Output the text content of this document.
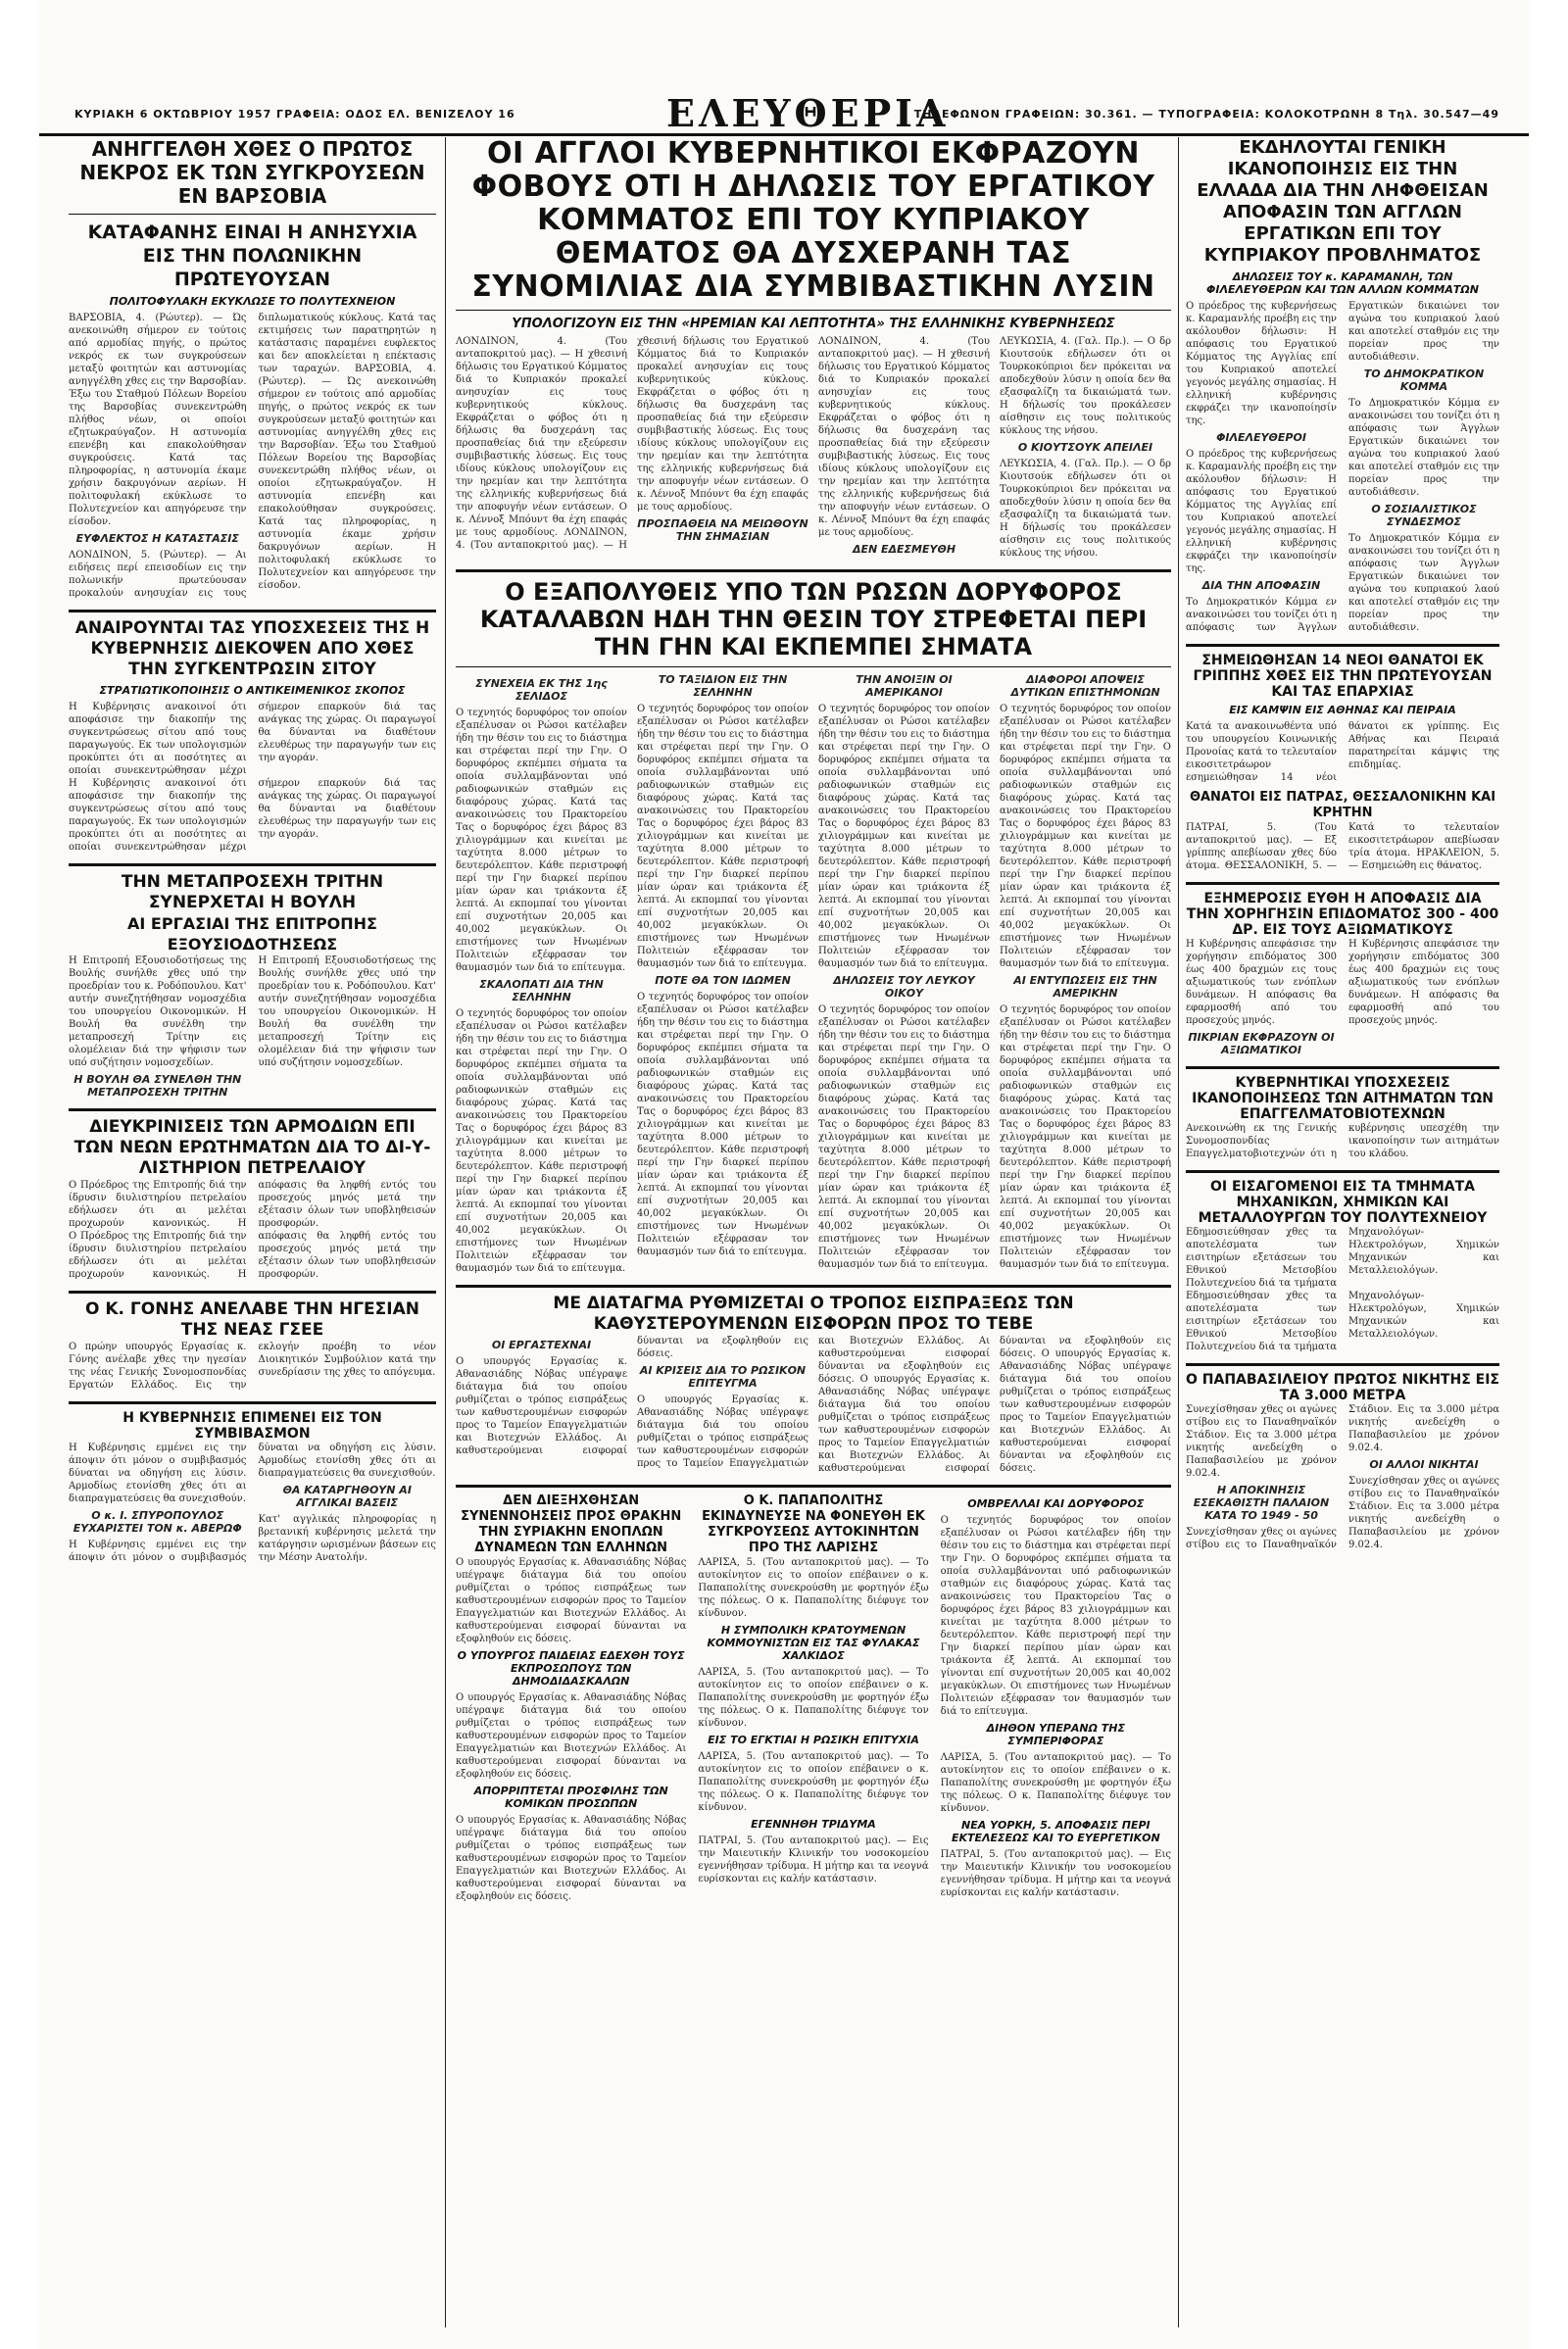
ΚΥΡΙΑΚΗ 6 ΟΚΤΩΒΡΙΟΥ 1957 ΓΡΑΦΕΙΑ: ΟΔΟΣ ΕΛ. ΒΕΝΙΖΕΛΟΥ 16	ΕΛΕΥΘΕΡΙΑ
ΤΗΛΕΦΩΝΟΝ ΓΡΑΦΕΙΩΝ: 30.361. — ΤΥΠΟΓΡΑΦΕΙΑ: ΚΟΛΟΚΟΤΡΩΝΗ 8 Τηλ. 30.547—49
ΑΝΗΓΓΕΛΘΗ ΧΘΕΣ Ο ΠΡΩΤΟΣ ΝΕΚΡΟΣ ΕΚ ΤΩΝ ΣΥΓΚΡΟΥΣΕΩΝ ΕΝ ΒΑΡΣΟΒΙΑ
ΚΑΤΑΦΑΝΗΣ ΕΙΝΑΙ Η ΑΝΗΣΥΧΙΑ ΕΙΣ ΤΗΝ ΠΟΛΩΝΙΚΗΝ ΠΡΩΤΕΥΟΥΣΑΝ
ΠΟΛΙΤΟΦΥΛΑΚΗ ΕΚΥΚΛΩΣΕ ΤΟ ΠΟΛΥΤΕΧΝΕΙΟΝ
ΒΑΡΣΟΒΙΑ, 4. (Ρώυτερ). — Ώς ανεκοινώθη σήμερον εν τούτοις από αρμοδίας πηγής, ο πρώτος νεκρός εκ των συγκρούσεων μεταξύ φοιτητών και αστυνομίας ανηγγέλθη χθες εις την Βαρσοβίαν. Έξω του Σταθμού Πόλεων Βορείου της Βαρσοβίας συνεκεντρώθη πλήθος νέων, οι οποίοι εζητωκραύγαζον. Η αστυνομία επενέβη και επακολούθησαν συγκρούσεις. Κατά τας πληροφορίας, η αστυνομία έκαμε χρήσιν δακρυγόνων αερίων. Η πολιτοφυλακή εκύκλωσε το Πολυτεχνείον και απηγόρευσε την είσοδον.
ΕΥΦΛΕΚΤΟΣ Η ΚΑΤΑΣΤΑΣΙΣ
ΛΟΝΔΙΝΟΝ, 5. (Ρώυτερ). — Αι ειδήσεις περί επεισοδίων εις την πολωνικήν πρωτεύουσαν προκαλούν ανησυχίαν εις τους διπλωματικούς κύκλους. Κατά τας εκτιμήσεις των παρατηρητών η κατάστασις παραμένει ευφλεκτος και δεν αποκλείεται η επέκτασις των ταραχών. ΒΑΡΣΟΒΙΑ, 4. (Ρώυτερ). — Ώς ανεκοινώθη σήμερον εν τούτοις από αρμοδίας πηγής, ο πρώτος νεκρός εκ των συγκρούσεων μεταξύ φοιτητών και αστυνομίας ανηγγέλθη χθες εις την Βαρσοβίαν. Έξω του Σταθμού Πόλεων Βορείου της Βαρσοβίας συνεκεντρώθη πλήθος νέων, οι οποίοι εζητωκραύγαζον. Η αστυνομία επενέβη και επακολούθησαν συγκρούσεις. Κατά τας πληροφορίας, η αστυνομία έκαμε χρήσιν δακρυγόνων αερίων. Η πολιτοφυλακή εκύκλωσε το Πολυτεχνείον και απηγόρευσε την είσοδον.
ΑΝΑΙΡΟΥΝΤΑΙ ΤΑΣ ΥΠΟΣΧΕΣΕΙΣ ΤΗΣ Η ΚΥΒΕΡΝΗΣΙΣ ΔΙΕΚΟΨΕΝ ΑΠΟ ΧΘΕΣ ΤΗΝ ΣΥΓΚΕΝΤΡΩΣΙΝ ΣΙΤΟΥ
ΣΤΡΑΤΙΩΤΙΚΟΠΟΙΗΣΙΣ Ο ΑΝΤΙΚΕΙΜΕΝΙΚΟΣ ΣΚΟΠΟΣ
Η Κυβέρνησις ανακοινοί ότι αποφάσισε την διακοπήν της συγκεντρώσεως σίτου από τους παραγωγούς. Εκ των υπολογισμών προκύπτει ότι αι ποσότητες αι οποίαι συνεκεντρώθησαν μέχρι σήμερον επαρκούν διά τας ανάγκας της χώρας. Οι παραγωγοί θα δύνανται να διαθέτουν ελευθέρως την παραγωγήν των εις την αγοράν.
Η Κυβέρνησις ανακοινοί ότι αποφάσισε την διακοπήν της συγκεντρώσεως σίτου από τους παραγωγούς. Εκ των υπολογισμών προκύπτει ότι αι ποσότητες αι οποίαι συνεκεντρώθησαν μέχρι σήμερον επαρκούν διά τας ανάγκας της χώρας. Οι παραγωγοί θα δύνανται να διαθέτουν ελευθέρως την παραγωγήν των εις την αγοράν.
ΤΗΝ ΜΕΤΑΠΡΟΣΕΧΗ ΤΡΙΤΗΝ ΣΥΝΕΡΧΕΤΑΙ Η ΒΟΥΛΗ
ΑΙ ΕΡΓΑΣΙΑΙ ΤΗΣ ΕΠΙΤΡΟΠΗΣ ΕΞΟΥΣΙΟΔΟΤΗΣΕΩΣ
Η Επιτροπή Εξουσιοδοτήσεως της Βουλής συνήλθε χθες υπό την προεδρίαν του κ. Ροδόπουλου. Κατ' αυτήν συνεζητήθησαν νομοσχέδια του υπουργείου Οικονομικών. Η Βουλή θα συνέλθη την μεταπροσεχή Τρίτην εις ολομέλειαν διά την ψήφισιν των υπό συζήτησιν νομοσχεδίων.
Η ΒΟΥΛΗ ΘΑ ΣΥΝΕΛΘΗ ΤΗΝ ΜΕΤΑΠΡΟΣΕΧΗ ΤΡΙΤΗΝ
Η Επιτροπή Εξουσιοδοτήσεως της Βουλής συνήλθε χθες υπό την προεδρίαν του κ. Ροδόπουλου. Κατ' αυτήν συνεζητήθησαν νομοσχέδια του υπουργείου Οικονομικών. Η Βουλή θα συνέλθη την μεταπροσεχή Τρίτην εις ολομέλειαν διά την ψήφισιν των υπό συζήτησιν νομοσχεδίων.
ΔΙΕΥΚΡΙΝΙΣΕΙΣ ΤΩΝ ΑΡΜΟΔΙΩΝ ΕΠΙ ΤΩΝ ΝΕΩΝ ΕΡΩΤΗΜΑΤΩΝ ΔΙΑ ΤΟ ΔΙ-Υ-ΛΙΣΤΗΡΙΟΝ ΠΕΤΡΕΛΑΙΟΥ
Ο Πρόεδρος της Επιτροπής διά την ίδρυσιν διυλιστηρίου πετρελαίου εδήλωσεν ότι αι μελέται προχωρούν κανονικώς. Η απόφασις θα ληφθή εντός του προσεχούς μηνός μετά την εξέτασιν όλων των υποβληθεισών προσφορών.
Ο Πρόεδρος της Επιτροπής διά την ίδρυσιν διυλιστηρίου πετρελαίου εδήλωσεν ότι αι μελέται προχωρούν κανονικώς. Η απόφασις θα ληφθή εντός του προσεχούς μηνός μετά την εξέτασιν όλων των υποβληθεισών προσφορών.
Ο Κ. ΓΟΝΗΣ ΑΝΕΛΑΒΕ ΤΗΝ ΗΓΕΣΙΑΝ ΤΗΣ ΝΕΑΣ ΓΣΕΕ
Ο πρώην υπουργός Εργασίας κ. Γόνης ανέλαβε χθες την ηγεσίαν της νέας Γενικής Συνομοσπονδίας Εργατών Ελλάδος. Εις την εκλογήν προέβη το νέον Διοικητικόν Συμβούλιον κατά την συνεδρίασιν της χθες το απόγευμα.
Η ΚΥΒΕΡΝΗΣΙΣ ΕΠΙΜΕΝΕΙ ΕΙΣ ΤΟΝ ΣΥΜΒΙΒΑΣΜΟΝ
Η Κυβέρνησις εμμένει εις την άποψιν ότι μόνον ο συμβιβασμός δύναται να οδηγήση εις λύσιν. Αρμοδίως ετονίσθη χθες ότι αι διαπραγματεύσεις θα συνεχισθούν.
Ο κ. Ι. ΣΠΥΡΟΠΟΥΛΟΣ ΕΥΧΑΡΙΣΤΕΙ ΤΟΝ κ. ΑΒΕΡΩΦ
Η Κυβέρνησις εμμένει εις την άποψιν ότι μόνον ο συμβιβασμός δύναται να οδηγήση εις λύσιν. Αρμοδίως ετονίσθη χθες ότι αι διαπραγματεύσεις θα συνεχισθούν.
ΘΑ ΚΑΤΑΡΓΗΘΟΥΝ ΑΙ ΑΓΓΛΙΚΑΙ ΒΑΣΕΙΣ
Κατ' αγγλικάς πληροφορίας η βρετανική κυβέρνησις μελετά την κατάργησιν ωρισμένων βάσεων εις την Μέσην Ανατολήν.
ΟΙ ΑΓΓΛΟΙ ΚΥΒΕΡΝΗΤΙΚΟΙ ΕΚΦΡΑΖΟΥΝ ΦΟΒΟΥΣ ΟΤΙ Η ΔΗΛΩΣΙΣ ΤΟΥ ΕΡΓΑΤΙΚΟΥ ΚΟΜΜΑΤΟΣ ΕΠΙ ΤΟΥ ΚΥΠΡΙΑΚΟΥ ΘΕΜΑΤΟΣ ΘΑ ΔΥΣΧΕΡΑΝΗ ΤΑΣ ΣΥΝΟΜΙΛΙΑΣ ΔΙΑ ΣΥΜΒΙΒΑΣΤΙΚΗΝ ΛΥΣΙΝ
ΥΠΟΛΟΓΙΖΟΥΝ ΕΙΣ ΤΗΝ «ΗΡΕΜΙΑΝ ΚΑΙ ΛΕΠΤΟΤΗΤΑ» ΤΗΣ ΕΛΛΗΝΙΚΗΣ ΚΥΒΕΡΝΗΣΕΩΣ
ΛΟΝΔΙΝΟΝ, 4. (Του ανταποκριτού μας). — Η χθεσινή δήλωσις του Εργατικού Κόμματος διά το Κυπριακόν προκαλεί ανησυχίαν εις τους κυβερνητικούς κύκλους. Εκφράζεται ο φόβος ότι η δήλωσις θα δυσχεράνη τας προσπαθείας διά την εξεύρεσιν συμβιβαστικής λύσεως. Εις τους ιδίους κύκλους υπολογίζουν εις την ηρεμίαν και την λεπτότητα της ελληνικής κυβερνήσεως διά την αποφυγήν νέων εντάσεων. Ο κ. Λέννοξ Μπόυντ θα έχη επαφάς με τους αρμοδίους. ΛΟΝΔΙΝΟΝ, 4. (Του ανταποκριτού μας). — Η χθεσινή δήλωσις του Εργατικού Κόμματος διά το Κυπριακόν προκαλεί ανησυχίαν εις τους κυβερνητικούς κύκλους. Εκφράζεται ο φόβος ότι η δήλωσις θα δυσχεράνη τας προσπαθείας διά την εξεύρεσιν συμβιβαστικής λύσεως. Εις τους ιδίους κύκλους υπολογίζουν εις την ηρεμίαν και την λεπτότητα της ελληνικής κυβερνήσεως διά την αποφυγήν νέων εντάσεων. Ο κ. Λέννοξ Μπόυντ θα έχη επαφάς με τους αρμοδίους.
ΠΡΟΣΠΑΘΕΙΑ ΝΑ ΜΕΙΩΘΟΥΝ ΤΗΝ ΣΗΜΑΣΙΑΝ
ΛΟΝΔΙΝΟΝ, 4. (Του ανταποκριτού μας). — Η χθεσινή δήλωσις του Εργατικού Κόμματος διά το Κυπριακόν προκαλεί ανησυχίαν εις τους κυβερνητικούς κύκλους. Εκφράζεται ο φόβος ότι η δήλωσις θα δυσχεράνη τας προσπαθείας διά την εξεύρεσιν συμβιβαστικής λύσεως. Εις τους ιδίους κύκλους υπολογίζουν εις την ηρεμίαν και την λεπτότητα της ελληνικής κυβερνήσεως διά την αποφυγήν νέων εντάσεων. Ο κ. Λέννοξ Μπόυντ θα έχη επαφάς με τους αρμοδίους.
ΔΕΝ ΕΔΕΣΜΕΥΘΗ
ΛΕΥΚΩΣΙΑ, 4. (Γαλ. Πρ.). — Ο δρ Κιουτσούκ εδήλωσεν ότι οι Τουρκοκύπριοι δεν πρόκειται να αποδεχθούν λύσιν η οποία δεν θα εξασφαλίζη τα δικαιώματά των. Η δήλωσίς του προκάλεσεν αίσθησιν εις τους πολιτικούς κύκλους της νήσου.
Ο ΚΙΟΥΤΣΟΥΚ ΑΠΕΙΛΕΙ
ΛΕΥΚΩΣΙΑ, 4. (Γαλ. Πρ.). — Ο δρ Κιουτσούκ εδήλωσεν ότι οι Τουρκοκύπριοι δεν πρόκειται να αποδεχθούν λύσιν η οποία δεν θα εξασφαλίζη τα δικαιώματά των. Η δήλωσίς του προκάλεσεν αίσθησιν εις τους πολιτικούς κύκλους της νήσου.
Ο ΕΞΑΠΟΛΥΘΕΙΣ ΥΠΟ ΤΩΝ ΡΩΣΩΝ ΔΟΡΥΦΟΡΟΣ ΚΑΤΑΛΑΒΩΝ ΗΔΗ ΤΗΝ ΘΕΣΙΝ ΤΟΥ ΣΤΡΕΦΕΤΑΙ ΠΕΡΙ ΤΗΝ ΓΗΝ ΚΑΙ ΕΚΠΕΜΠΕΙ ΣΗΜΑΤΑ
ΣΥΝΕΧΕΙΑ ΕΚ ΤΗΣ 1ης ΣΕΛΙΔΟΣ
Ο τεχνητός δορυφόρος τον οποίον εξαπέλυσαν οι Ρώσοι κατέλαβεν ήδη την θέσιν του εις το διάστημα και στρέφεται περί την Γην. Ο δορυφόρος εκπέμπει σήματα τα οποία συλλαμβάνονται υπό ραδιοφωνικών σταθμών εις διαφόρους χώρας. Κατά τας ανακοινώσεις του Πρακτορείου Τας ο δορυφόρος έχει βάρος 83 χιλιογράμμων και κινείται με ταχύτητα 8.000 μέτρων το δευτερόλεπτον. Κάθε περιστροφή περί την Γην διαρκεί περίπου μίαν ώραν και τριάκοντα έξ λεπτά. Αι εκπομπαί του γίνονται επί συχνοτήτων 20,005 και 40,002 μεγακύκλων. Οι επιστήμονες των Ηνωμένων Πολιτειών εξέφρασαν τον θαυμασμόν των διά το επίτευγμα.
ΣΚΑΛΟΠΑΤΙ ΔΙΑ ΤΗΝ ΣΕΛΗΝΗΝ
Ο τεχνητός δορυφόρος τον οποίον εξαπέλυσαν οι Ρώσοι κατέλαβεν ήδη την θέσιν του εις το διάστημα και στρέφεται περί την Γην. Ο δορυφόρος εκπέμπει σήματα τα οποία συλλαμβάνονται υπό ραδιοφωνικών σταθμών εις διαφόρους χώρας. Κατά τας ανακοινώσεις του Πρακτορείου Τας ο δορυφόρος έχει βάρος 83 χιλιογράμμων και κινείται με ταχύτητα 8.000 μέτρων το δευτερόλεπτον. Κάθε περιστροφή περί την Γην διαρκεί περίπου μίαν ώραν και τριάκοντα έξ λεπτά. Αι εκπομπαί του γίνονται επί συχνοτήτων 20,005 και 40,002 μεγακύκλων. Οι επιστήμονες των Ηνωμένων Πολιτειών εξέφρασαν τον θαυμασμόν των διά το επίτευγμα.
ΤΟ ΤΑΞΙΔΙΟΝ ΕΙΣ ΤΗΝ ΣΕΛΗΝΗΝ
Ο τεχνητός δορυφόρος τον οποίον εξαπέλυσαν οι Ρώσοι κατέλαβεν ήδη την θέσιν του εις το διάστημα και στρέφεται περί την Γην. Ο δορυφόρος εκπέμπει σήματα τα οποία συλλαμβάνονται υπό ραδιοφωνικών σταθμών εις διαφόρους χώρας. Κατά τας ανακοινώσεις του Πρακτορείου Τας ο δορυφόρος έχει βάρος 83 χιλιογράμμων και κινείται με ταχύτητα 8.000 μέτρων το δευτερόλεπτον. Κάθε περιστροφή περί την Γην διαρκεί περίπου μίαν ώραν και τριάκοντα έξ λεπτά. Αι εκπομπαί του γίνονται επί συχνοτήτων 20,005 και 40,002 μεγακύκλων. Οι επιστήμονες των Ηνωμένων Πολιτειών εξέφρασαν τον θαυμασμόν των διά το επίτευγμα.
ΠΟΤΕ ΘΑ ΤΟΝ ΙΔΩΜΕΝ
Ο τεχνητός δορυφόρος τον οποίον εξαπέλυσαν οι Ρώσοι κατέλαβεν ήδη την θέσιν του εις το διάστημα και στρέφεται περί την Γην. Ο δορυφόρος εκπέμπει σήματα τα οποία συλλαμβάνονται υπό ραδιοφωνικών σταθμών εις διαφόρους χώρας. Κατά τας ανακοινώσεις του Πρακτορείου Τας ο δορυφόρος έχει βάρος 83 χιλιογράμμων και κινείται με ταχύτητα 8.000 μέτρων το δευτερόλεπτον. Κάθε περιστροφή περί την Γην διαρκεί περίπου μίαν ώραν και τριάκοντα έξ λεπτά. Αι εκπομπαί του γίνονται επί συχνοτήτων 20,005 και 40,002 μεγακύκλων. Οι επιστήμονες των Ηνωμένων Πολιτειών εξέφρασαν τον θαυμασμόν των διά το επίτευγμα.
ΤΗΝ ΑΝΟΙΞΙΝ ΟΙ ΑΜΕΡΙΚΑΝΟΙ
Ο τεχνητός δορυφόρος τον οποίον εξαπέλυσαν οι Ρώσοι κατέλαβεν ήδη την θέσιν του εις το διάστημα και στρέφεται περί την Γην. Ο δορυφόρος εκπέμπει σήματα τα οποία συλλαμβάνονται υπό ραδιοφωνικών σταθμών εις διαφόρους χώρας. Κατά τας ανακοινώσεις του Πρακτορείου Τας ο δορυφόρος έχει βάρος 83 χιλιογράμμων και κινείται με ταχύτητα 8.000 μέτρων το δευτερόλεπτον. Κάθε περιστροφή περί την Γην διαρκεί περίπου μίαν ώραν και τριάκοντα έξ λεπτά. Αι εκπομπαί του γίνονται επί συχνοτήτων 20,005 και 40,002 μεγακύκλων. Οι επιστήμονες των Ηνωμένων Πολιτειών εξέφρασαν τον θαυμασμόν των διά το επίτευγμα.
ΔΗΛΩΣΕΙΣ ΤΟΥ ΛΕΥΚΟΥ ΟΙΚΟΥ
Ο τεχνητός δορυφόρος τον οποίον εξαπέλυσαν οι Ρώσοι κατέλαβεν ήδη την θέσιν του εις το διάστημα και στρέφεται περί την Γην. Ο δορυφόρος εκπέμπει σήματα τα οποία συλλαμβάνονται υπό ραδιοφωνικών σταθμών εις διαφόρους χώρας. Κατά τας ανακοινώσεις του Πρακτορείου Τας ο δορυφόρος έχει βάρος 83 χιλιογράμμων και κινείται με ταχύτητα 8.000 μέτρων το δευτερόλεπτον. Κάθε περιστροφή περί την Γην διαρκεί περίπου μίαν ώραν και τριάκοντα έξ λεπτά. Αι εκπομπαί του γίνονται επί συχνοτήτων 20,005 και 40,002 μεγακύκλων. Οι επιστήμονες των Ηνωμένων Πολιτειών εξέφρασαν τον θαυμασμόν των διά το επίτευγμα.
ΔΙΑΦΟΡΟΙ ΑΠΟΨΕΙΣ ΔΥΤΙΚΩΝ ΕΠΙΣΤΗΜΟΝΩΝ
Ο τεχνητός δορυφόρος τον οποίον εξαπέλυσαν οι Ρώσοι κατέλαβεν ήδη την θέσιν του εις το διάστημα και στρέφεται περί την Γην. Ο δορυφόρος εκπέμπει σήματα τα οποία συλλαμβάνονται υπό ραδιοφωνικών σταθμών εις διαφόρους χώρας. Κατά τας ανακοινώσεις του Πρακτορείου Τας ο δορυφόρος έχει βάρος 83 χιλιογράμμων και κινείται με ταχύτητα 8.000 μέτρων το δευτερόλεπτον. Κάθε περιστροφή περί την Γην διαρκεί περίπου μίαν ώραν και τριάκοντα έξ λεπτά. Αι εκπομπαί του γίνονται επί συχνοτήτων 20,005 και 40,002 μεγακύκλων. Οι επιστήμονες των Ηνωμένων Πολιτειών εξέφρασαν τον θαυμασμόν των διά το επίτευγμα.
ΑΙ ΕΝΤΥΠΩΣΕΙΣ ΕΙΣ ΤΗΝ ΑΜΕΡΙΚΗΝ
Ο τεχνητός δορυφόρος τον οποίον εξαπέλυσαν οι Ρώσοι κατέλαβεν ήδη την θέσιν του εις το διάστημα και στρέφεται περί την Γην. Ο δορυφόρος εκπέμπει σήματα τα οποία συλλαμβάνονται υπό ραδιοφωνικών σταθμών εις διαφόρους χώρας. Κατά τας ανακοινώσεις του Πρακτορείου Τας ο δορυφόρος έχει βάρος 83 χιλιογράμμων και κινείται με ταχύτητα 8.000 μέτρων το δευτερόλεπτον. Κάθε περιστροφή περί την Γην διαρκεί περίπου μίαν ώραν και τριάκοντα έξ λεπτά. Αι εκπομπαί του γίνονται επί συχνοτήτων 20,005 και 40,002 μεγακύκλων. Οι επιστήμονες των Ηνωμένων Πολιτειών εξέφρασαν τον θαυμασμόν των διά το επίτευγμα.
ΜΕ ΔΙΑΤΑΓΜΑ ΡΥΘΜΙΖΕΤΑΙ Ο ΤΡΟΠΟΣ ΕΙΣΠΡΑΞΕΩΣ ΤΩΝ ΚΑΘΥΣΤΕΡΟΥΜΕΝΩΝ ΕΙΣΦΟΡΩΝ ΠΡΟΣ ΤΟ ΤΕΒΕ
ΟΙ ΕΡΓΑΣΤΕΧΝΑΙ
Ο υπουργός Εργασίας κ. Αθανασιάδης Νόβας υπέγραψε διάταγμα διά του οποίου ρυθμίζεται ο τρόπος εισπράξεως των καθυστερουμένων εισφορών προς το Ταμείον Επαγγελματιών και Βιοτεχνών Ελλάδος. Αι καθυστερούμεναι εισφοραί δύνανται να εξοφληθούν εις δόσεις.
ΑΙ ΚΡΙΣΕΙΣ ΔΙΑ ΤΟ ΡΩΣΙΚΟΝ ΕΠΙΤΕΥΓΜΑ
Ο υπουργός Εργασίας κ. Αθανασιάδης Νόβας υπέγραψε διάταγμα διά του οποίου ρυθμίζεται ο τρόπος εισπράξεως των καθυστερουμένων εισφορών προς το Ταμείον Επαγγελματιών και Βιοτεχνών Ελλάδος. Αι καθυστερούμεναι εισφοραί δύνανται να εξοφληθούν εις δόσεις. Ο υπουργός Εργασίας κ. Αθανασιάδης Νόβας υπέγραψε διάταγμα διά του οποίου ρυθμίζεται ο τρόπος εισπράξεως των καθυστερουμένων εισφορών προς το Ταμείον Επαγγελματιών και Βιοτεχνών Ελλάδος. Αι καθυστερούμεναι εισφοραί δύνανται να εξοφληθούν εις δόσεις. Ο υπουργός Εργασίας κ. Αθανασιάδης Νόβας υπέγραψε διάταγμα διά του οποίου ρυθμίζεται ο τρόπος εισπράξεως των καθυστερουμένων εισφορών προς το Ταμείον Επαγγελματιών και Βιοτεχνών Ελλάδος. Αι καθυστερούμεναι εισφοραί δύνανται να εξοφληθούν εις δόσεις.
ΔΕΝ ΔΙΕΞΗΧΘΗΣΑΝ ΣΥΝΕΝΝΟΗΣΕΙΣ ΠΡΟΣ ΘΡΑΚΗΝ ΤΗΝ ΣΥΡΙΑΚΗΝ ΕΝΟΠΛΩΝ ΔΥΝΑΜΕΩΝ ΤΩΝ ΕΛΛΗΝΩΝ
Ο υπουργός Εργασίας κ. Αθανασιάδης Νόβας υπέγραψε διάταγμα διά του οποίου ρυθμίζεται ο τρόπος εισπράξεως των καθυστερουμένων εισφορών προς το Ταμείον Επαγγελματιών και Βιοτεχνών Ελλάδος. Αι καθυστερούμεναι εισφοραί δύνανται να εξοφληθούν εις δόσεις.
Ο ΥΠΟΥΡΓΟΣ ΠΑΙΔΕΙΑΣ ΕΔΕΧΘΗ ΤΟΥΣ ΕΚΠΡΟΣΩΠΟΥΣ ΤΩΝ ΔΗΜΟΔΙΔΑΣΚΑΛΩΝ
Ο υπουργός Εργασίας κ. Αθανασιάδης Νόβας υπέγραψε διάταγμα διά του οποίου ρυθμίζεται ο τρόπος εισπράξεως των καθυστερουμένων εισφορών προς το Ταμείον Επαγγελματιών και Βιοτεχνών Ελλάδος. Αι καθυστερούμεναι εισφοραί δύνανται να εξοφληθούν εις δόσεις.
ΑΠΟΡΡΙΠΤΕΤΑΙ ΠΡΟΣΦΙΛΗΣ ΤΩΝ ΚΟΜΙΚΩΝ ΠΡΟΣΩΠΩΝ
Ο υπουργός Εργασίας κ. Αθανασιάδης Νόβας υπέγραψε διάταγμα διά του οποίου ρυθμίζεται ο τρόπος εισπράξεως των καθυστερουμένων εισφορών προς το Ταμείον Επαγγελματιών και Βιοτεχνών Ελλάδος. Αι καθυστερούμεναι εισφοραί δύνανται να εξοφληθούν εις δόσεις.
Ο Κ. ΠΑΠΑΠΟΛΙΤΗΣ ΕΚΙΝΔΥΝΕΥΣΕ ΝΑ ΦΟΝΕΥΘΗ ΕΚ ΣΥΓΚΡΟΥΣΕΩΣ ΑΥΤΟΚΙΝΗΤΩΝ ΠΡΟ ΤΗΣ ΛΑΡΙΣΗΣ
ΛΑΡΙΣΑ, 5. (Του ανταποκριτού μας). — Το αυτοκίνητον εις το οποίον επέβαινεν ο κ. Παπαπολίτης συνεκρούσθη με φορτηγόν έξω της πόλεως. Ο κ. Παπαπολίτης διέφυγε τον κίνδυνον.
Η ΣΥΜΠΟΛΙΚΗ ΚΡΑΤΟΥΜΕΝΩΝ ΚΟΜΜΟΥΝΙΣΤΩΝ ΕΙΣ ΤΑΣ ΦΥΛΑΚΑΣ ΧΑΛΚΙΔΟΣ
ΛΑΡΙΣΑ, 5. (Του ανταποκριτού μας). — Το αυτοκίνητον εις το οποίον επέβαινεν ο κ. Παπαπολίτης συνεκρούσθη με φορτηγόν έξω της πόλεως. Ο κ. Παπαπολίτης διέφυγε τον κίνδυνον.
ΕΙΣ ΤΟ ΕΓΚΤΙΑΙ Η ΡΩΣΙΚΗ ΕΠΙΤΥΧΙΑ
ΛΑΡΙΣΑ, 5. (Του ανταποκριτού μας). — Το αυτοκίνητον εις το οποίον επέβαινεν ο κ. Παπαπολίτης συνεκρούσθη με φορτηγόν έξω της πόλεως. Ο κ. Παπαπολίτης διέφυγε τον κίνδυνον.
ΕΓΕΝΝΗΘΗ ΤΡΙΔΥΜΑ
ΠΑΤΡΑΙ, 5. (Του ανταποκριτού μας). — Εις την Μαιευτικήν Κλινικήν του νοσοκομείου εγεννήθησαν τρίδυμα. Η μήτηρ και τα νεογνά ευρίσκονται εις καλήν κατάστασιν.
ΟΜΒΡΕΛΛΑΙ ΚΑΙ ΔΟΡΥΦΟΡΟΣ
Ο τεχνητός δορυφόρος τον οποίον εξαπέλυσαν οι Ρώσοι κατέλαβεν ήδη την θέσιν του εις το διάστημα και στρέφεται περί την Γην. Ο δορυφόρος εκπέμπει σήματα τα οποία συλλαμβάνονται υπό ραδιοφωνικών σταθμών εις διαφόρους χώρας. Κατά τας ανακοινώσεις του Πρακτορείου Τας ο δορυφόρος έχει βάρος 83 χιλιογράμμων και κινείται με ταχύτητα 8.000 μέτρων το δευτερόλεπτον. Κάθε περιστροφή περί την Γην διαρκεί περίπου μίαν ώραν και τριάκοντα έξ λεπτά. Αι εκπομπαί του γίνονται επί συχνοτήτων 20,005 και 40,002 μεγακύκλων. Οι επιστήμονες των Ηνωμένων Πολιτειών εξέφρασαν τον θαυμασμόν των διά το επίτευγμα.
ΔΙΗΘΟΝ ΥΠΕΡΑΝΩ ΤΗΣ ΣΥΜΠΕΡΙΦΟΡΑΣ
ΛΑΡΙΣΑ, 5. (Του ανταποκριτού μας). — Το αυτοκίνητον εις το οποίον επέβαινεν ο κ. Παπαπολίτης συνεκρούσθη με φορτηγόν έξω της πόλεως. Ο κ. Παπαπολίτης διέφυγε τον κίνδυνον.
ΝΕΑ ΥΟΡΚΗ, 5. ΑΠΟΦΑΣΙΣ ΠΕΡΙ ΕΚΤΕΛΕΣΕΩΣ ΚΑΙ ΤΟ ΕΥΕΡΓΕΤΙΚΟΝ
ΠΑΤΡΑΙ, 5. (Του ανταποκριτού μας). — Εις την Μαιευτικήν Κλινικήν του νοσοκομείου εγεννήθησαν τρίδυμα. Η μήτηρ και τα νεογνά ευρίσκονται εις καλήν κατάστασιν.
ΕΚΔΗΛΟΥΤΑΙ ΓΕΝΙΚΗ ΙΚΑΝΟΠΟΙΗΣΙΣ ΕΙΣ ΤΗΝ ΕΛΛΑΔΑ ΔΙΑ ΤΗΝ ΛΗΦΘΕΙΣΑΝ ΑΠΟΦΑΣΙΝ ΤΩΝ ΑΓΓΛΩΝ ΕΡΓΑΤΙΚΩΝ ΕΠΙ ΤΟΥ ΚΥΠΡΙΑΚΟΥ ΠΡΟΒΛΗΜΑΤΟΣ
ΔΗΛΩΣΕΙΣ ΤΟΥ κ. ΚΑΡΑΜΑΝΛΗ, ΤΩΝ ΦΙΛΕΛΕΥΘΕΡΩΝ ΚΑΙ ΤΩΝ ΑΛΛΩΝ ΚΟΜΜΑΤΩΝ
Ο πρόεδρος της κυβερνήσεως κ. Καραμανλής προέβη εις την ακόλουθον δήλωσιν: Η απόφασις του Εργατικού Κόμματος της Αγγλίας επί του Κυπριακού αποτελεί γεγονός μεγάλης σημασίας. Η ελληνική κυβέρνησις εκφράζει την ικανοποίησίν της.
ΦΙΛΕΛΕΥΘΕΡΟΙ
Ο πρόεδρος της κυβερνήσεως κ. Καραμανλής προέβη εις την ακόλουθον δήλωσιν: Η απόφασις του Εργατικού Κόμματος της Αγγλίας επί του Κυπριακού αποτελεί γεγονός μεγάλης σημασίας. Η ελληνική κυβέρνησις εκφράζει την ικανοποίησίν της.
ΔΙΑ ΤΗΝ ΑΠΟΦΑΣΙΝ
Το Δημοκρατικόν Κόμμα εν ανακοινώσει του τονίζει ότι η απόφασις των Άγγλων Εργατικών δικαιώνει τον αγώνα του κυπριακού λαού και αποτελεί σταθμόν εις την πορείαν προς την αυτοδιάθεσιν.
ΤΟ ΔΗΜΟΚΡΑΤΙΚΟΝ ΚΟΜΜΑ
Το Δημοκρατικόν Κόμμα εν ανακοινώσει του τονίζει ότι η απόφασις των Άγγλων Εργατικών δικαιώνει τον αγώνα του κυπριακού λαού και αποτελεί σταθμόν εις την πορείαν προς την αυτοδιάθεσιν.
Ο ΣΟΣΙΑΛΙΣΤΙΚΟΣ ΣΥΝΔΕΣΜΟΣ
Το Δημοκρατικόν Κόμμα εν ανακοινώσει του τονίζει ότι η απόφασις των Άγγλων Εργατικών δικαιώνει τον αγώνα του κυπριακού λαού και αποτελεί σταθμόν εις την πορείαν προς την αυτοδιάθεσιν.
ΣΗΜΕΙΩΘΗΣΑΝ 14 ΝΕΟΙ ΘΑΝΑΤΟΙ ΕΚ ΓΡΙΠΠΗΣ ΧΘΕΣ ΕΙΣ ΤΗΝ ΠΡΩΤΕΥΟΥΣΑΝ ΚΑΙ ΤΑΣ ΕΠΑΡΧΙΑΣ
ΕΙΣ ΚΑΜΨΙΝ ΕΙΣ ΑΘΗΝΑΣ ΚΑΙ ΠΕΙΡΑΙΑ
Κατά τα ανακοινωθέντα υπό του υπουργείου Κοινωνικής Προνοίας κατά το τελευταίον εικοσιτετράωρον εσημειώθησαν 14 νέοι θάνατοι εκ γρίππης. Εις Αθήνας και Πειραιά παρατηρείται κάμψις της επιδημίας.
ΘΑΝΑΤΟΙ ΕΙΣ ΠΑΤΡΑΣ, ΘΕΣΣΑΛΟΝΙΚΗΝ ΚΑΙ ΚΡΗΤΗΝ
ΠΑΤΡΑΙ, 5. (Του ανταποκριτού μας). — Εξ γρίππης απεβίωσαν χθες δύο άτομα. ΘΕΣΣΑΛΟΝΙΚΗ, 5. — Κατά το τελευταίον εικοσιτετράωρον απεβίωσαν τρία άτομα. ΗΡΑΚΛΕΙΟΝ, 5. — Εσημειώθη εις θάνατος.
ΕΞΗΜΕΡΟΣΙΣ ΕΥΘΗ Η ΑΠΟΦΑΣΙΣ ΔΙΑ ΤΗΝ ΧΟΡΗΓΗΣΙΝ ΕΠΙΔΟΜΑΤΟΣ 300 - 400 ΔΡ. ΕΙΣ ΤΟΥΣ ΑΞΙΩΜΑΤΙΚΟΥΣ
Η Κυβέρνησις απεφάσισε την χορήγησιν επιδόματος 300 έως 400 δραχμών εις τους αξιωματικούς των ενόπλων δυνάμεων. Η απόφασις θα εφαρμοσθή από του προσεχούς μηνός.
ΠΙΚΡΙΑΝ ΕΚΦΡΑΖΟΥΝ ΟΙ ΑΞΙΩΜΑΤΙΚΟΙ
Η Κυβέρνησις απεφάσισε την χορήγησιν επιδόματος 300 έως 400 δραχμών εις τους αξιωματικούς των ενόπλων δυνάμεων. Η απόφασις θα εφαρμοσθή από του προσεχούς μηνός.
ΚΥΒΕΡΝΗΤΙΚΑΙ ΥΠΟΣΧΕΣΕΙΣ ΙΚΑΝΟΠΟΙΗΣΕΩΣ ΤΩΝ ΑΙΤΗΜΑΤΩΝ ΤΩΝ ΕΠΑΓΓΕΛΜΑΤΟΒΙΟΤΕΧΝΩΝ
Ανεκοινώθη εκ της Γενικής Συνομοσπονδίας Επαγγελματοβιοτεχνών ότι η κυβέρνησις υπεσχέθη την ικανοποίησιν των αιτημάτων του κλάδου.
ΟΙ ΕΙΣΑΓΟΜΕΝΟΙ ΕΙΣ ΤΑ ΤΜΗΜΑΤΑ ΜΗΧΑΝΙΚΩΝ, ΧΗΜΙΚΩΝ ΚΑΙ ΜΕΤΑΛΛΟΥΡΓΩΝ ΤΟΥ ΠΟΛΥΤΕΧΝΕΙΟΥ
Εδημοσιεύθησαν χθες τα αποτελέσματα των εισιτηρίων εξετάσεων του Εθνικού Μετσοβίου Πολυτεχνείου διά τα τμήματα Μηχανολόγων-Ηλεκτρολόγων, Χημικών Μηχανικών και Μεταλλειολόγων.
Εδημοσιεύθησαν χθες τα αποτελέσματα των εισιτηρίων εξετάσεων του Εθνικού Μετσοβίου Πολυτεχνείου διά τα τμήματα Μηχανολόγων-Ηλεκτρολόγων, Χημικών Μηχανικών και Μεταλλειολόγων.
Ο ΠΑΠΑΒΑΣΙΛΕΙΟΥ ΠΡΩΤΟΣ ΝΙΚΗΤΗΣ ΕΙΣ ΤΑ 3.000 ΜΕΤΡΑ
Συνεχίσθησαν χθες οι αγώνες στίβου εις το Παναθηναϊκόν Στάδιον. Εις τα 3.000 μέτρα νικητής ανεδείχθη ο Παπαβασιλείου με χρόνον 9.02.4.
Η ΑΠΟΚΙΝΗΣΙΣ ΕΣΕΚΑΘΙΣΤΗ ΠΑΛΑΙΟΝ ΚΑΤΑ ΤΟ 1949 - 50
Συνεχίσθησαν χθες οι αγώνες στίβου εις το Παναθηναϊκόν Στάδιον. Εις τα 3.000 μέτρα νικητής ανεδείχθη ο Παπαβασιλείου με χρόνον 9.02.4.
ΟΙ ΑΛΛΟΙ ΝΙΚΗΤΑΙ
Συνεχίσθησαν χθες οι αγώνες στίβου εις το Παναθηναϊκόν Στάδιον. Εις τα 3.000 μέτρα νικητής ανεδείχθη ο Παπαβασιλείου με χρόνον 9.02.4.
